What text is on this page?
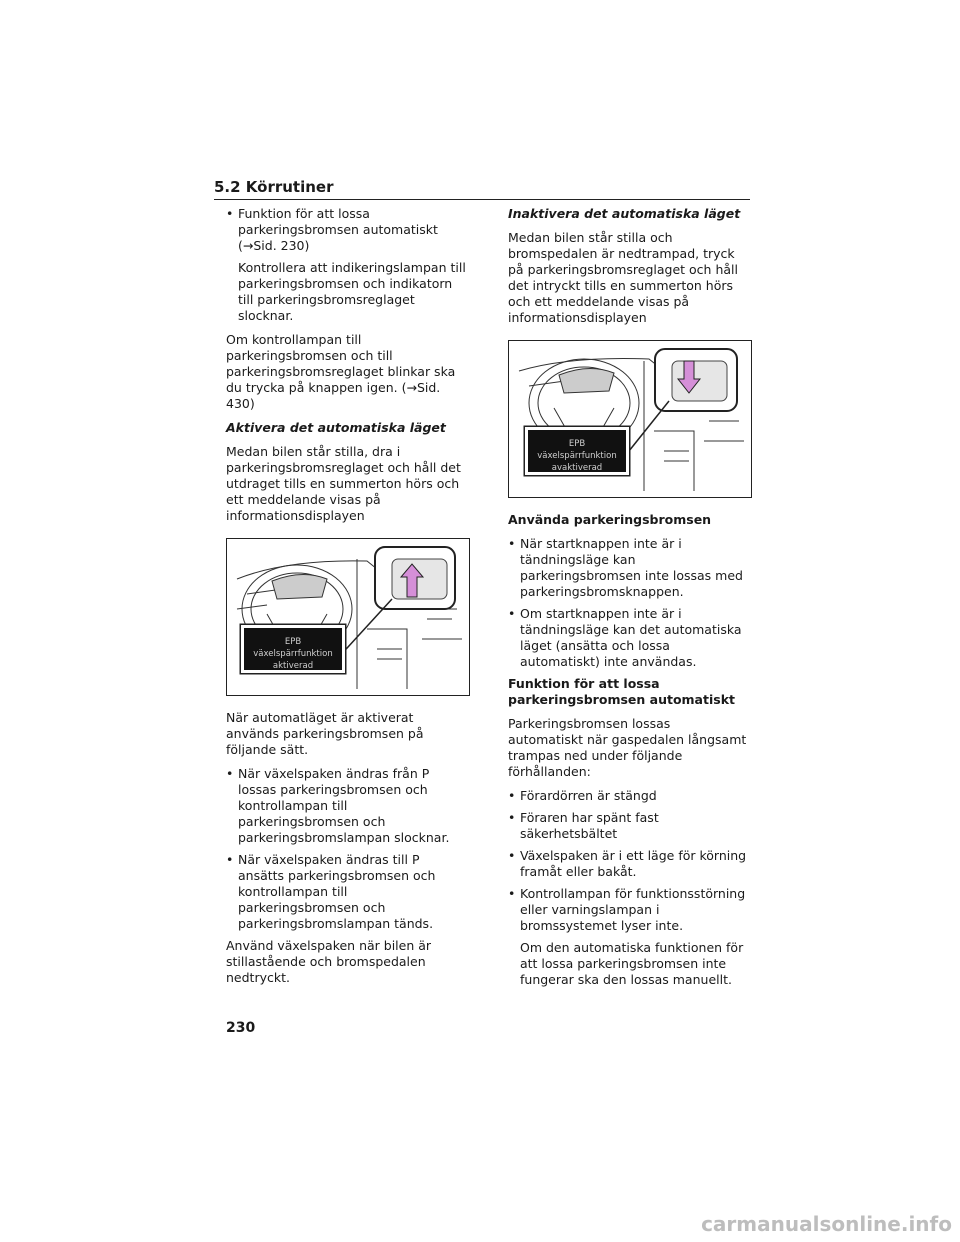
5.2 Körrutiner
• Funktion för att lossa parkeringsbromsen automatiskt (→Sid. 230)

Kontrollera att indikeringslampan till parkeringsbromsen och indikatorn till parkeringsbromsreglaget slocknar.

Om kontrollampan till parkeringsbromsen och till parkeringsbromsreglaget blinkar ska du trycka på knappen igen. (→Sid. 430)

Aktivera det automatiska läget

Medan bilen står stilla, dra i parkeringsbromsreglaget och håll det utdraget tills en summerton hörs och ett meddelande visas på informationsdisplayen

EPB växelspärrfunktion
aktiverad

När automatläget är aktiverat används parkeringsbromsen på följande sätt.

• När växelspaken ändras från P lossas parkeringsbromsen och kontrollampan till parkeringsbromsen och parkeringsbromslampan slocknar.
• När växelspaken ändras till P ansätts parkeringsbromsen och kontrollampan till parkeringsbromsen och parkeringsbromslampan tänds.

Använd växelspaken när bilen är stillastående och bromspedalen nedtryckt.

Inaktivera det automatiska läget

Medan bilen står stilla och bromspedalen är nedtrampad, tryck på parkeringsbromsreglaget och håll det intryckt tills en summerton hörs och ett meddelande visas på informationsdisplayen

EPB växelspärrfunktion
avaktiverad
Använda parkeringsbromsen
• När startknappen inte är i tändningsläge kan parkeringsbromsen inte lossas med parkeringsbromsknappen.
• Om startknappen inte är i tändningsläge kan det automatiska läget (ansätta och lossa automatiskt) inte användas.
Funktion för att lossa parkeringsbromsen automatiskt

Parkeringsbromsen lossas automatiskt när gaspedalen långsamt trampas ned under följande förhållanden:

• Förardörren är stängd
• Föraren har spänt fast säkerhetsbältet
• Växelspaken är i ett läge för körning framåt eller bakåt.
• Kontrollampan för funktionsstörning eller varningslampan i bromssystemet lyser inte.

Om den automatiska funktionen för att lossa parkeringsbromsen inte fungerar ska den lossas manuellt.

230
carmanualsonline.info
